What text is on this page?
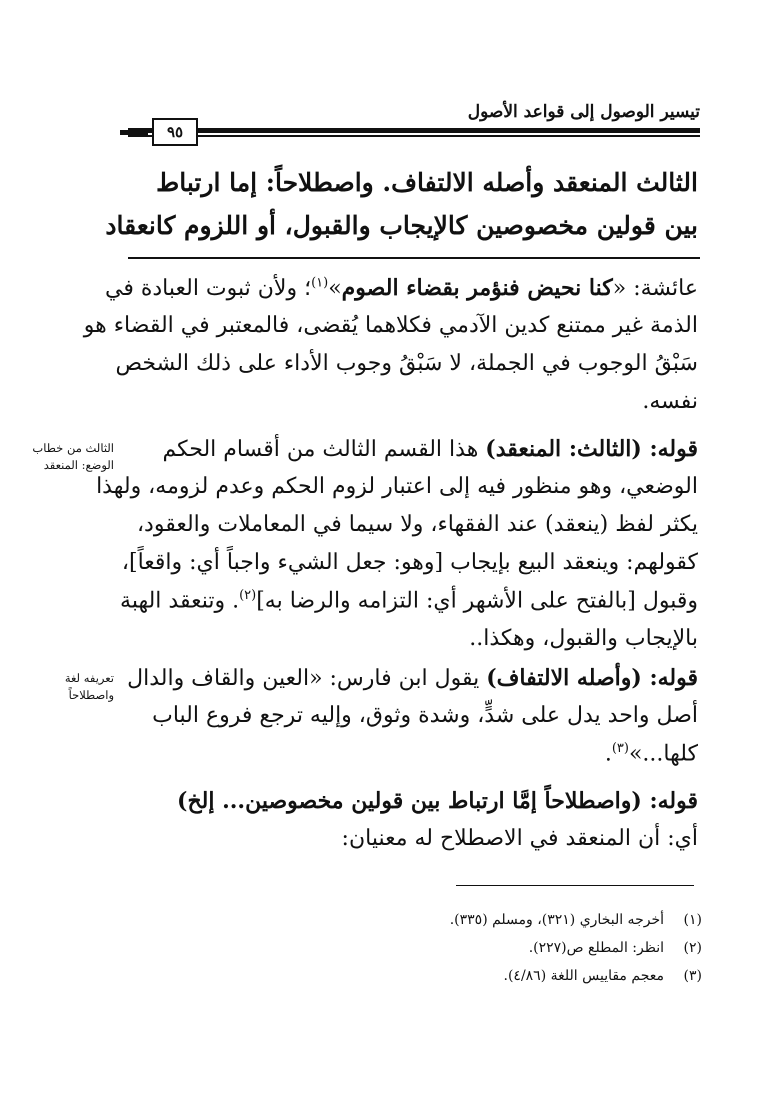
تيسير الوصول إلى قواعد الأصول
٩٥
الثالث المنعقد وأصله الالتفاف. واصطلاحاً: إما ارتباط
بين قولين مخصوصين كالإيجاب والقبول، أو اللزوم كانعقاد
عائشة: «كنا نحيض فنؤمر بقضاء الصوم»$^{(١)}$؛ ولأن ثبوت العبادة في
الذمة غير ممتنع كدين الآدمي فكلاهما يُقضى، فالمعتبر في القضاء هو
سَبْقُ الوجوب في الجملة، لا سَبْقُ وجوب الأداء على ذلك الشخص
نفسه.
الثالث من خطاب
الوضع: المنعقد
قوله: (الثالث: المنعقد) هذا القسم الثالث من أقسام الحكم
الوضعي، وهو منظور فيه إلى اعتبار لزوم الحكم وعدم لزومه، ولهذا
يكثر لفظ (ينعقد) عند الفقهاء، ولا سيما في المعاملات والعقود،
كقولهم: وينعقد البيع بإيجاب [وهو: جعل الشيء واجباً أي: واقعاً]،
وقبول [بالفتح على الأشهر أي: التزامه والرضا به]$^{(٢)}$. وتنعقد الهبة
بالإيجاب والقبول، وهكذا..
تعريفه لغة
واصطلاحاً
قوله: (وأصله الالتفاف) يقول ابن فارس: «العين والقاف والدال
أصل واحد يدل على شدٍّ، وشدة وثوق، وإليه ترجع فروع الباب
كلها...»$^{(٣)}$.
قوله: (واصطلاحاً إمَّا ارتباط بين قولين مخصوصين... إلخ)
أي: أن المنعقد في الاصطلاح له معنيان:
(١)أخرجه البخاري (٣٢١)، ومسلم (٣٣٥).
(٢)انظر: المطلع ص(٢٢٧).
(٣)معجم مقاييس اللغة (٤/٨٦).
